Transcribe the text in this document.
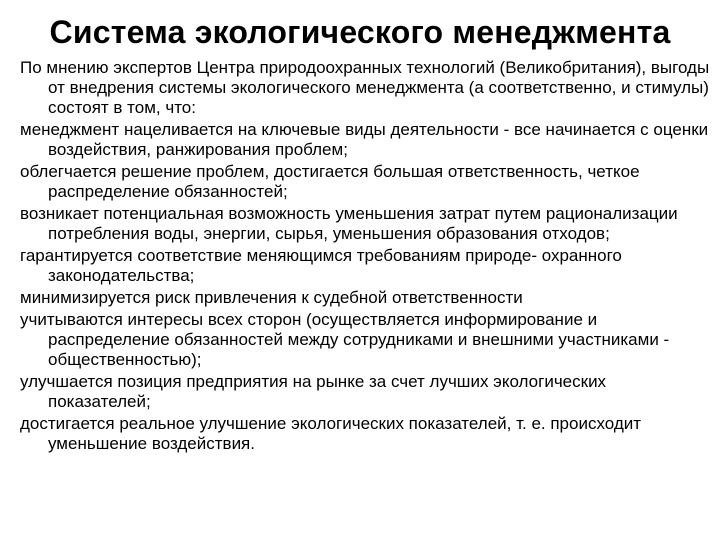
Система экологического менеджмента

По мнению экспертов Центра природоохранных технологий (Великобритания), выгоды от внедрения системы экологического менеджмента (а соответственно, и стимулы) состоят в том, что:

менеджмент нацеливается на ключевые виды деятельности - все начинается с оценки воздействия, ранжирования проблем;

облегчается решение проблем, достигается большая ответственность, четкое распределение обязанностей;

возникает потенциальная возможность уменьшения затрат путем рационализации потребления воды, энергии, сырья, уменьшения образования отходов;

гарантируется соответствие меняющимся требованиям природе- охранного законодательства;

минимизируется риск привлечения к судебной ответственности

учитываются интересы всех сторон (осуществляется информирование и распределение обязанностей между сотрудниками и внешними участниками - общественностью);

улучшается позиция предприятия на рынке за счет лучших экологических показателей;

достигается реальное улучшение экологических показателей, т. е. происходит уменьшение воздействия.
